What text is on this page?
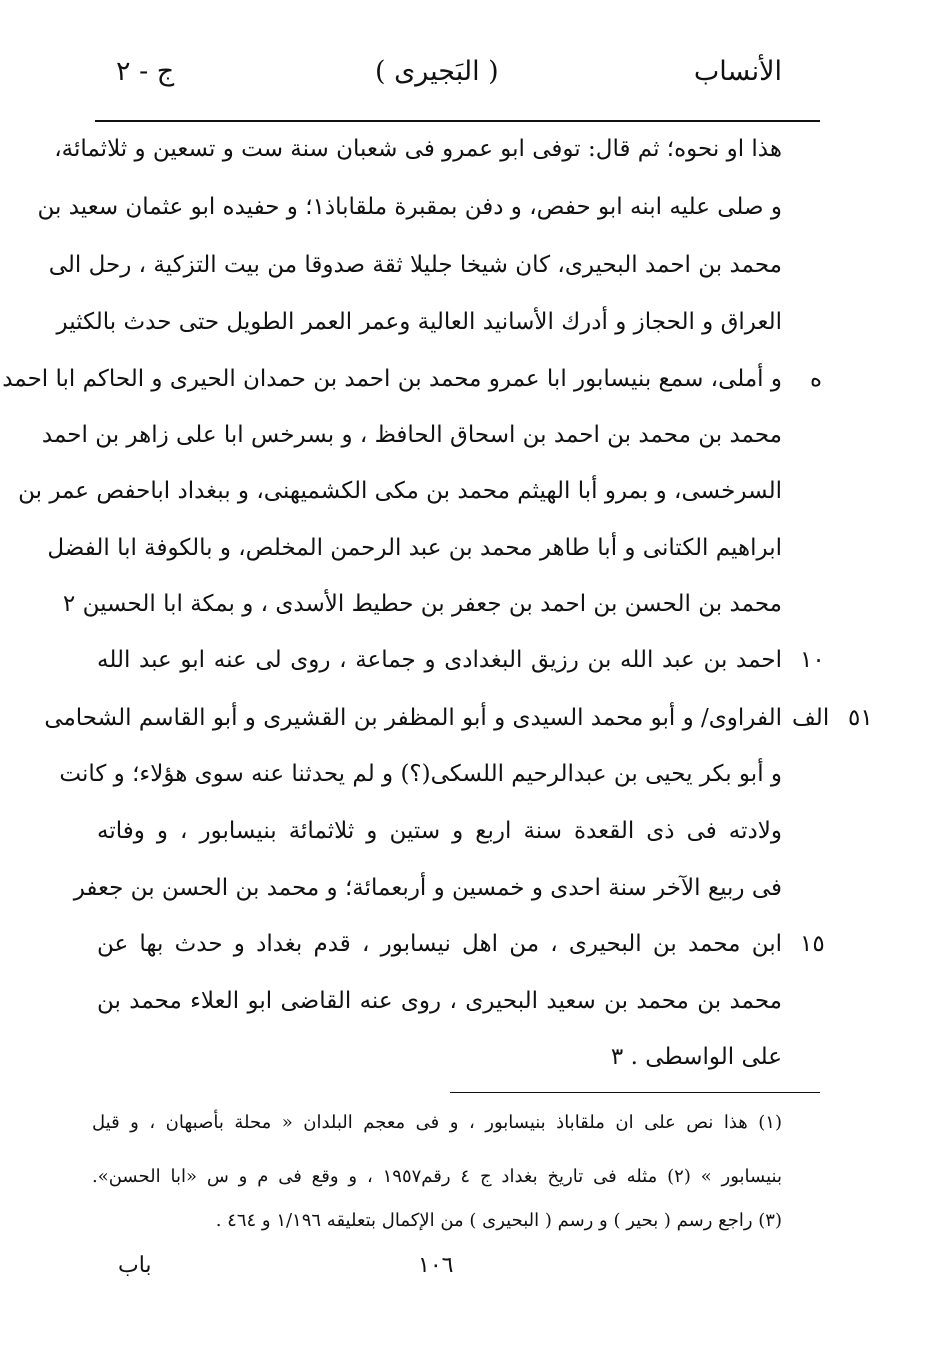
الأنساب
( البَجيرى )
ج - ٢
هذا او نحوه؛ ثم قال: توفى ابو عمرو فى شعبان سنة ست و تسعين و ثلاثمائة،
و صلى عليه ابنه ابو حفص، و دفن بمقبرة ملقاباذ١؛ و حفيده ابو عثمان سعيد بن
محمد بن احمد البحيرى، كان شيخا جليلا ثقة صدوقا من بيت التزكية ، رحل الى
العراق و الحجاز و أدرك الأسانيد العالية وعمر العمر الطويل حتى حدث بالكثير
و أملى، سمع بنيسابور ابا عمرو محمد بن احمد بن حمدان الحيرى و الحاكم ابا احمد
محمد بن محمد بن احمد بن اسحاق الحافظ ، و بسرخس ابا على زاهر بن احمد
السرخسى، و بمرو أبا الهيثم محمد بن مكى الكشميهنى، و ببغداد اباحفص عمر بن
ابراهيم الكتانى و أبا طاهر محمد بن عبد الرحمن المخلص، و بالكوفة ابا الفضل
محمد بن الحسن بن احمد بن جعفر بن حطيط الأسدى ، و بمكة ابا الحسين ٢
احمد بن عبد الله بن رزيق البغدادى و جماعة ، روى لى عنه ابو عبد الله
الفراوى/ و أبو محمد السيدى و أبو المظفر بن القشيرى و أبو القاسم الشحامى
و أبو بكر يحيى بن عبدالرحيم اللسكى(؟) و لم يحدثنا عنه سوى هؤلاء؛ و كانت
ولادته فى ذى القعدة سنة اربع و ستين و ثلاثمائة بنيسابور ، و وفاته
فى ربيع الآخر سنة احدى و خمسين و أربعمائة؛ و محمد بن الحسن بن جعفر
ابن محمد بن البحيرى ، من اهل نيسابور ، قدم بغداد و حدث بها عن
محمد بن محمد بن سعيد البحيرى ، روى عنه القاضى ابو العلاء محمد بن
على الواسطى . ٣
ه
١٠
٥١
الف
١٥
(١) هذا نص على ان ملقاباذ بنيسابور ، و فى معجم البلدان « محلة بأصبهان ، و قيل
بنيسابور » (٢) مثله فى تاريخ بغداد ج ٤ رقم١٩٥٧ ، و وقع فى م و س «ابا الحسن».
(٣) راجع رسم ( بحير ) و رسم ( البحيرى ) من الإكمال بتعليقه ١/١٩٦ و ٤٦٤ .
١٠٦
باب
